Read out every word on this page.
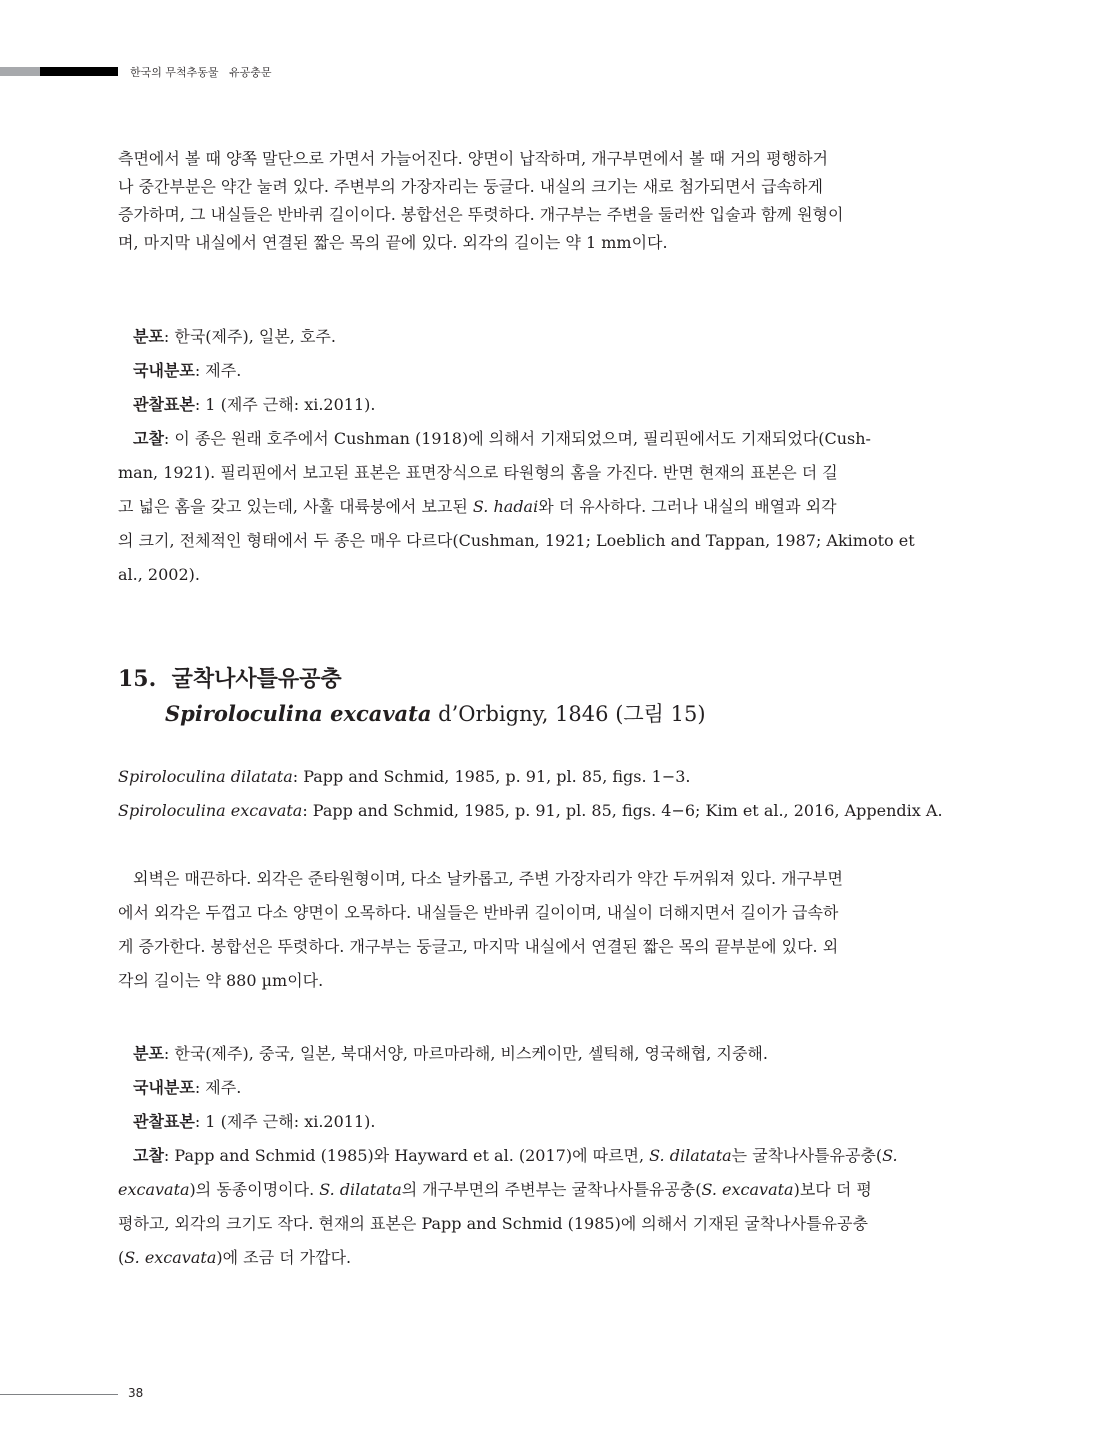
한국의 무척추동물   유공충문
측면에서 볼 때 양쪽 말단으로 가면서 가늘어진다. 양면이 납작하며, 개구부면에서 볼 때 거의 평행하거
나 중간부분은 약간 눌려 있다. 주변부의 가장자리는 둥글다. 내실의 크기는 새로 첨가되면서 급속하게
증가하며, 그 내실들은 반바퀴 길이이다. 봉합선은 뚜렷하다. 개구부는 주변을 둘러싼 입술과 함께 원형이
며, 마지막 내실에서 연결된 짧은 목의 끝에 있다. 외각의 길이는 약 1 mm이다.
분포: 한국(제주), 일본, 호주.
국내분포: 제주.
관찰표본: 1 (제주 근해: xi.2011).
고찰: 이 종은 원래 호주에서 Cushman (1918)에 의해서 기재되었으며, 필리핀에서도 기재되었다(Cush-
man, 1921). 필리핀에서 보고된 표본은 표면장식으로 타원형의 홈을 가진다. 반면 현재의 표본은 더 길
고 넓은 홈을 갖고 있는데, 사훌 대륙붕에서 보고된 S. hadai와 더 유사하다. 그러나 내실의 배열과 외각
의 크기, 전체적인 형태에서 두 종은 매우 다르다(Cushman, 1921; Loeblich and Tappan, 1987; Akimoto et
al., 2002).
15. 굴착나사틀유공충
Spiroloculina excavata d’Orbigny, 1846 (그림 15)
Spiroloculina dilatata: Papp and Schmid, 1985, p. 91, pl. 85, figs. 1−3.
Spiroloculina excavata: Papp and Schmid, 1985, p. 91, pl. 85, figs. 4−6; Kim et al., 2016, Appendix A.
외벽은 매끈하다. 외각은 준타원형이며, 다소 날카롭고, 주변 가장자리가 약간 두꺼워져 있다. 개구부면
에서 외각은 두껍고 다소 양면이 오목하다. 내실들은 반바퀴 길이이며, 내실이 더해지면서 길이가 급속하
게 증가한다. 봉합선은 뚜렷하다. 개구부는 둥글고, 마지막 내실에서 연결된 짧은 목의 끝부분에 있다. 외
각의 길이는 약 880 µm이다.
분포: 한국(제주), 중국, 일본, 북대서양, 마르마라해, 비스케이만, 셀틱해, 영국해협, 지중해.
국내분포: 제주.
관찰표본: 1 (제주 근해: xi.2011).
고찰: Papp and Schmid (1985)와 Hayward et al. (2017)에 따르면, S. dilatata는 굴착나사틀유공충(S.
excavata)의 동종이명이다. S. dilatata의 개구부면의 주변부는 굴착나사틀유공충(S. excavata)보다 더 평
평하고, 외각의 크기도 작다. 현재의 표본은 Papp and Schmid (1985)에 의해서 기재된 굴착나사틀유공충
(S. excavata)에 조금 더 가깝다.
38
